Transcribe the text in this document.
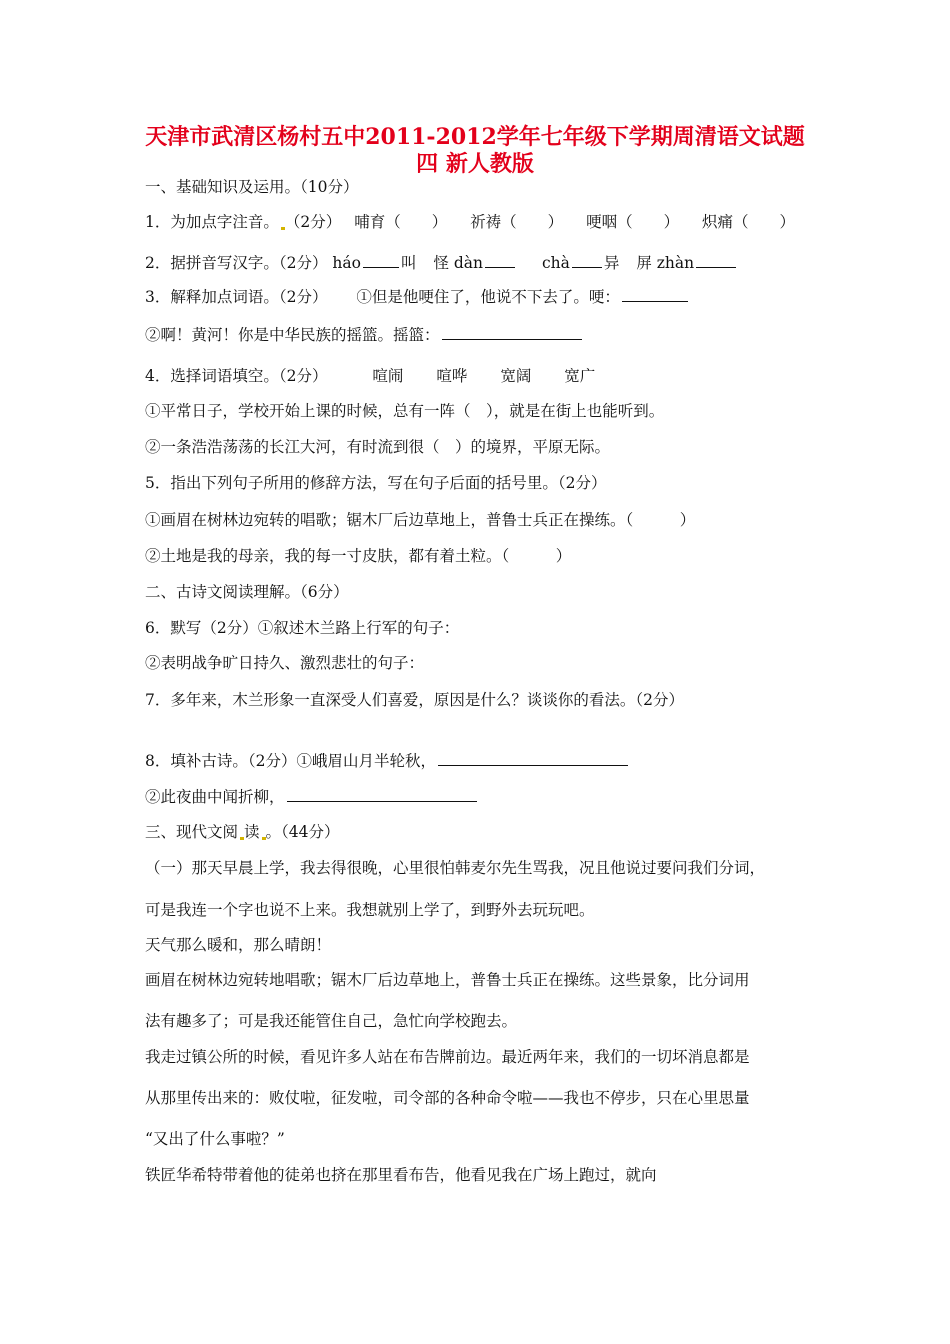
天津市武清区杨村五中2011-2012学年七年级下学期周清语文试题
四 新人教版
一、基础知识及运用。（10分）
1．为加点字注音。 （2分） 哺育（　　） 祈祷（　　） 哽咽（　　） 炽痛（　　）
2．据拼音写汉字。（2分） háo	叫 怪 dàn	chà 异 屏 zhàn
3．解释加点词语。（2分） ①但是他哽住了，他说不下去了。哽：
②啊！黄河！你是中华民族的摇篮。摇篮：
4．选择词语填空。（2分）	喧闹 喧哗 宽阔 宽广
①平常日子，学校开始上课的时候，总有一阵（　），就是在街上也能听到。
②一条浩浩荡荡的长江大河，有时流到很（　）的境界，平原无际。
5．指出下列句子所用的修辞方法，写在句子后面的括号里。（2分）
①画眉在树林边宛转的唱歌；锯木厂后边草地上，普鲁士兵正在操练。（　　　）
②土地是我的母亲，我的每一寸皮肤，都有着土粒。（　　　）
二、古诗文阅读理解。（6分）
6．默写（2分）①叙述木兰路上行军的句子：
②表明战争旷日持久、激烈悲壮的句子：
7．多年来，木兰形象一直深受人们喜爱，原因是什么？谈谈你的看法。（2分）
8．填补古诗。（2分）①峨眉山月半轮秋，
②此夜曲中闻折柳，
三、现代文阅 读 。（44分）
（一）那天早晨上学，我去得很晚，心里很怕韩麦尔先生骂我，况且他说过要问我们分词，
可是我连一个字也说不上来。我想就别上学了，到野外去玩玩吧。
天气那么暖和，那么晴朗！
画眉在树林边宛转地唱歌；锯木厂后边草地上，普鲁士兵正在操练。这些景象，比分词用
法有趣多了；可是我还能管住自己，急忙向学校跑去。
我走过镇公所的时候，看见许多人站在布告牌前边。最近两年来，我们的一切坏消息都是
从那里传出来的：败仗啦，征发啦，司令部的各种命令啦——我也不停步，只在心里思量
“又出了什么事啦？”
铁匠华希特带着他的徒弟也挤在那里看布告，他看见我在广场上跑过，就向
